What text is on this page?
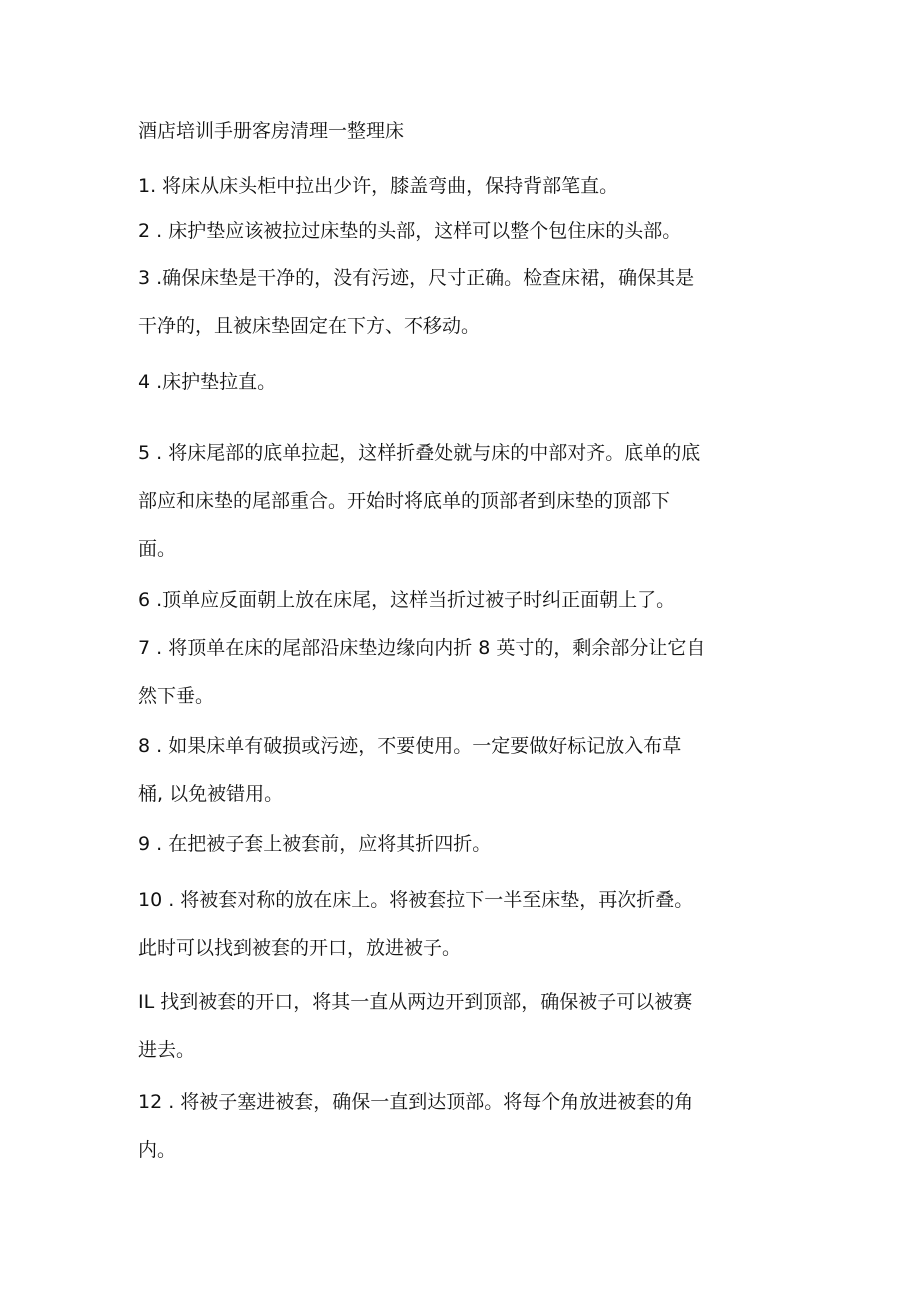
酒店培训手册客房清理一整理床
1. 将床从床头柜中拉出少许，膝盖弯曲，保持背部笔直。
2 . 床护垫应该被拉过床垫的头部，这样可以整个包住床的头部。
3 .确保床垫是干净的，没有污迹，尺寸正确。检查床裙，确保其是
干净的，且被床垫固定在下方、不移动。
4 .床护垫拉直。
5 . 将床尾部的底单拉起，这样折叠处就与床的中部对齐。底单的底
部应和床垫的尾部重合。开始时将底单的顶部者到床垫的顶部下
面。
6 .顶单应反面朝上放在床尾，这样当折过被子时纠正面朝上了。
7 . 将顶单在床的尾部沿床垫边缘向内折 8 英寸的，剩余部分让它自
然下垂。
8 . 如果床单有破损或污迹，不要使用。一定要做好标记放入布草
桶, 以免被错用。
9 . 在把被子套上被套前，应将其折四折。
10 . 将被套对称的放在床上。将被套拉下一半至床垫，再次折叠。
此时可以找到被套的开口，放进被子。
IL 找到被套的开口，将其一直从两边开到顶部，确保被子可以被赛
进去。
12 . 将被子塞进被套，确保一直到达顶部。将每个角放进被套的角
内。
